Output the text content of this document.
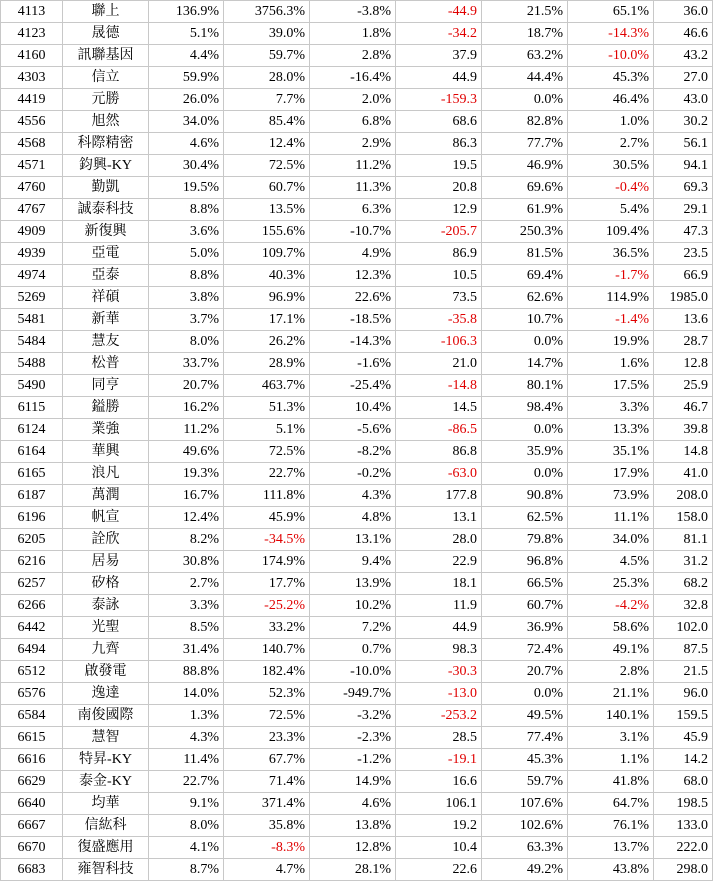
4113	聯上	136.9%	3756.3%	-3.8%	-44.9	21.5%	65.1%	36.0
4123	晟德	5.1%	39.0%	1.8%	-34.2	18.7%	-14.3%	46.6
4160	訊聯基因	4.4%	59.7%	2.8%	37.9	63.2%	-10.0%	43.2
4303	信立	59.9%	28.0%	-16.4%	44.9	44.4%	45.3%	27.0
4419	元勝	26.0%	7.7%	2.0%	-159.3	0.0%	46.4%	43.0
4556	旭然	34.0%	85.4%	6.8%	68.6	82.8%	1.0%	30.2
4568	科際精密	4.6%	12.4%	2.9%	86.3	77.7%	2.7%	56.1
4571	鈞興-KY	30.4%	72.5%	11.2%	19.5	46.9%	30.5%	94.1
4760	勤凱	19.5%	60.7%	11.3%	20.8	69.6%	-0.4%	69.3
4767	誠泰科技	8.8%	13.5%	6.3%	12.9	61.9%	5.4%	29.1
4909	新復興	3.6%	155.6%	-10.7%	-205.7	250.3%	109.4%	47.3
4939	亞電	5.0%	109.7%	4.9%	86.9	81.5%	36.5%	23.5
4974	亞泰	8.8%	40.3%	12.3%	10.5	69.4%	-1.7%	66.9
5269	祥碩	3.8%	96.9%	22.6%	73.5	62.6%	114.9%	1985.0
5481	新華	3.7%	17.1%	-18.5%	-35.8	10.7%	-1.4%	13.6
5484	慧友	8.0%	26.2%	-14.3%	-106.3	0.0%	19.9%	28.7
5488	松普	33.7%	28.9%	-1.6%	21.0	14.7%	1.6%	12.8
5490	同亨	20.7%	463.7%	-25.4%	-14.8	80.1%	17.5%	25.9
6115	鎰勝	16.2%	51.3%	10.4%	14.5	98.4%	3.3%	46.7
6124	業強	11.2%	5.1%	-5.6%	-86.5	0.0%	13.3%	39.8
6164	華興	49.6%	72.5%	-8.2%	86.8	35.9%	35.1%	14.8
6165	浪凡	19.3%	22.7%	-0.2%	-63.0	0.0%	17.9%	41.0
6187	萬潤	16.7%	111.8%	4.3%	177.8	90.8%	73.9%	208.0
6196	帆宣	12.4%	45.9%	4.8%	13.1	62.5%	11.1%	158.0
6205	詮欣	8.2%	-34.5%	13.1%	28.0	79.8%	34.0%	81.1
6216	居易	30.8%	174.9%	9.4%	22.9	96.8%	4.5%	31.2
6257	矽格	2.7%	17.7%	13.9%	18.1	66.5%	25.3%	68.2
6266	泰詠	3.3%	-25.2%	10.2%	11.9	60.7%	-4.2%	32.8
6442	光聖	8.5%	33.2%	7.2%	44.9	36.9%	58.6%	102.0
6494	九齊	31.4%	140.7%	0.7%	98.3	72.4%	49.1%	87.5
6512	啟發電	88.8%	182.4%	-10.0%	-30.3	20.7%	2.8%	21.5
6576	逸達	14.0%	52.3%	-949.7%	-13.0	0.0%	21.1%	96.0
6584	南俊國際	1.3%	72.5%	-3.2%	-253.2	49.5%	140.1%	159.5
6615	慧智	4.3%	23.3%	-2.3%	28.5	77.4%	3.1%	45.9
6616	特昇-KY	11.4%	67.7%	-1.2%	-19.1	45.3%	1.1%	14.2
6629	泰金-KY	22.7%	71.4%	14.9%	16.6	59.7%	41.8%	68.0
6640	均華	9.1%	371.4%	4.6%	106.1	107.6%	64.7%	198.5
6667	信紘科	8.0%	35.8%	13.8%	19.2	102.6%	76.1%	133.0
6670	復盛應用	4.1%	-8.3%	12.8%	10.4	63.3%	13.7%	222.0
6683	雍智科技	8.7%	4.7%	28.1%	22.6	49.2%	43.8%	298.0
